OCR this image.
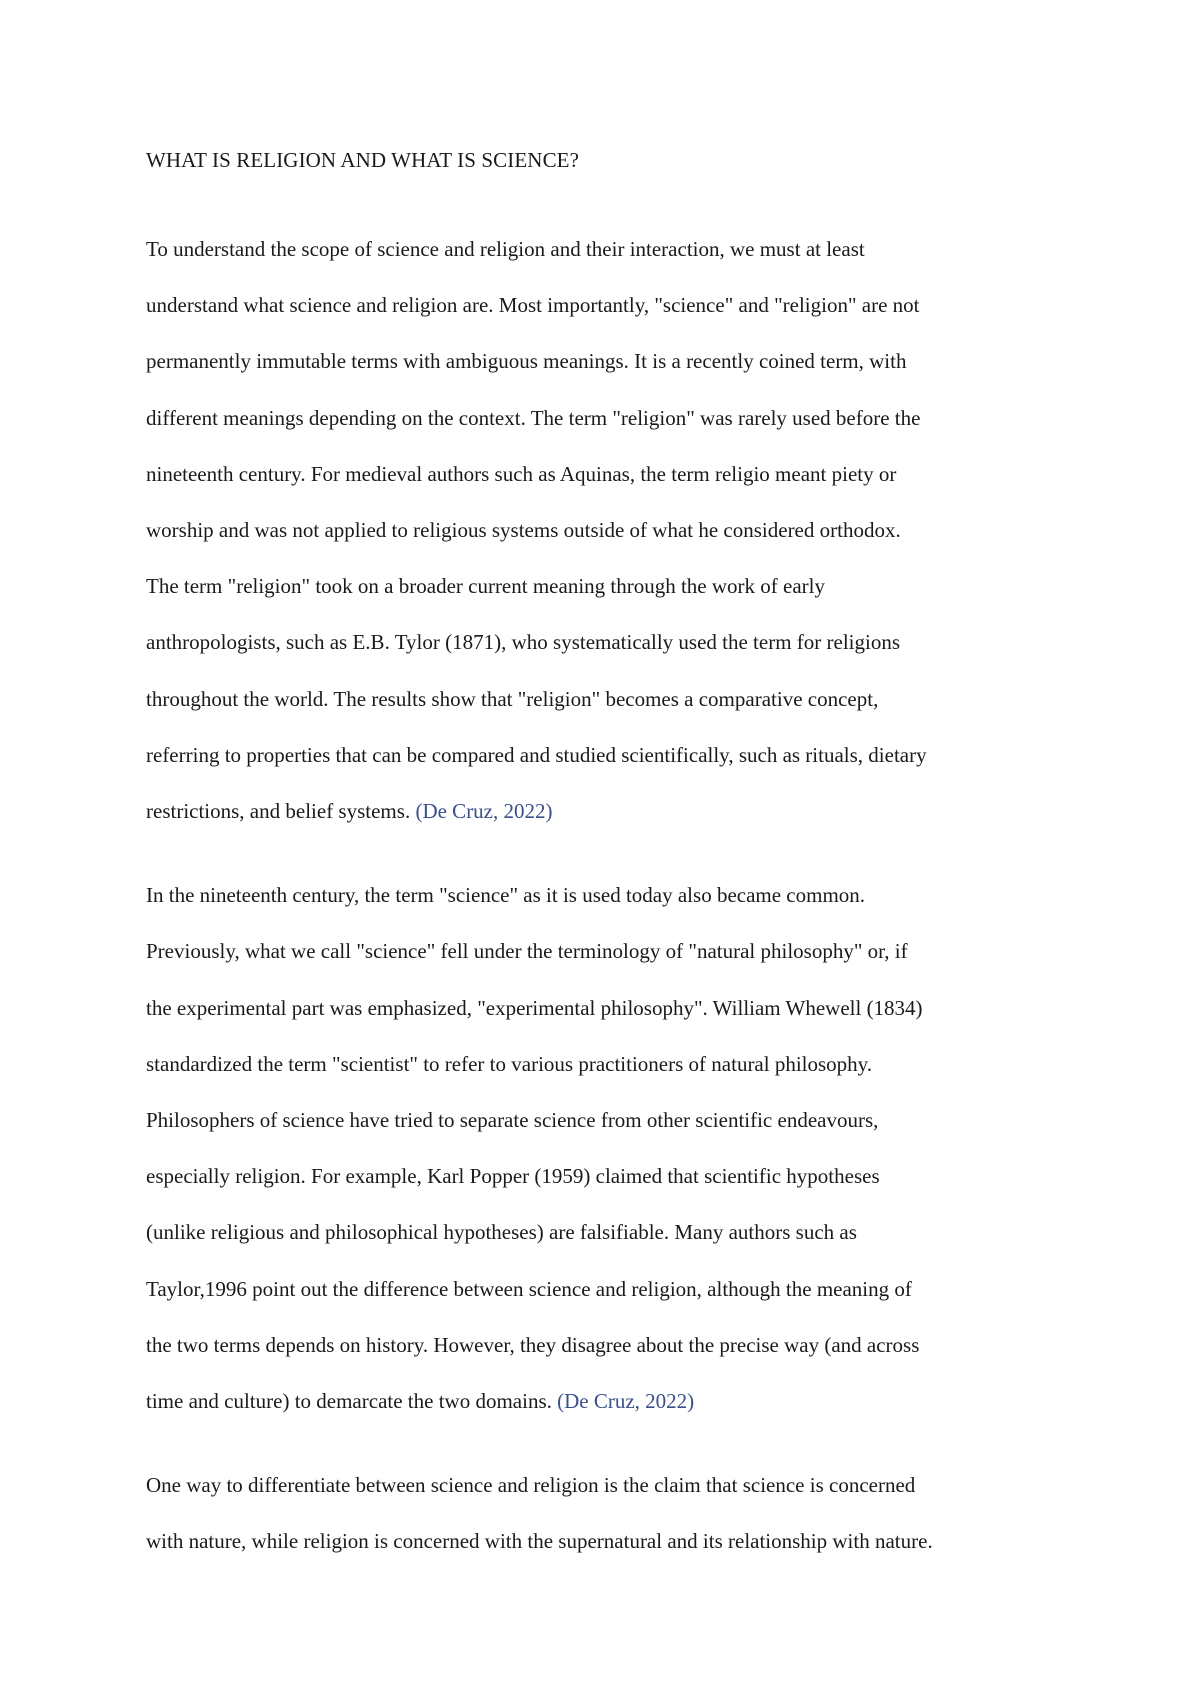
WHAT IS RELIGION AND WHAT IS SCIENCE?

To understand the scope of science and religion and their interaction, we must at least
understand what science and religion are. Most importantly, "science" and "religion" are not
permanently immutable terms with ambiguous meanings. It is a recently coined term, with
different meanings depending on the context. The term "religion" was rarely used before the
nineteenth century. For medieval authors such as Aquinas, the term religio meant piety or
worship and was not applied to religious systems outside of what he considered orthodox.
The term "religion" took on a broader current meaning through the work of early
anthropologists, such as E.B. Tylor (1871), who systematically used the term for religions
throughout the world. The results show that "religion" becomes a comparative concept,
referring to properties that can be compared and studied scientifically, such as rituals, dietary
restrictions, and belief systems. (De Cruz, 2022)

In the nineteenth century, the term "science" as it is used today also became common.
Previously, what we call "science" fell under the terminology of "natural philosophy" or, if
the experimental part was emphasized, "experimental philosophy". William Whewell (1834)
standardized the term "scientist" to refer to various practitioners of natural philosophy.
Philosophers of science have tried to separate science from other scientific endeavours,
especially religion. For example, Karl Popper (1959) claimed that scientific hypotheses
(unlike religious and philosophical hypotheses) are falsifiable. Many authors such as
Taylor,1996 point out the difference between science and religion, although the meaning of
the two terms depends on history. However, they disagree about the precise way (and across
time and culture) to demarcate the two domains. (De Cruz, 2022)

One way to differentiate between science and religion is the claim that science is concerned
with nature, while religion is concerned with the supernatural and its relationship with nature.
